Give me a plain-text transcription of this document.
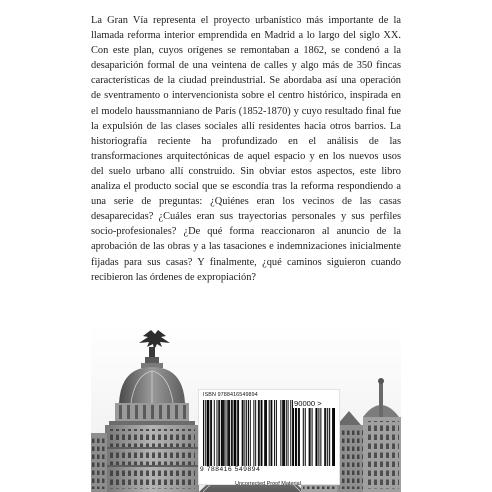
La Gran Vía representa el proyecto urbanístico más importante de la llamada reforma interior emprendida en Madrid a lo largo del siglo XX. Con este plan, cuyos orígenes se remontaban a 1862, se condenó a la desaparición formal de una veintena de calles y algo más de 350 fincas características de la ciudad preindustrial. Se abordaba así una operación de sventramento o intervencionista sobre el centro histórico, inspirada en el modelo haussmanniano de París (1852-1870) y cuyo resultado final fue la expulsión de las clases sociales allí residentes hacia otros barrios. La historiografía reciente ha profundizado en el análisis de las transformaciones arquitectónicas de aquel espacio y en los nuevos usos del suelo urbano allí construido. Sin obviar estos aspectos, este libro analiza el producto social que se escondía tras la reforma respondiendo a una serie de preguntas: ¿Quiénes eran los vecinos de las casas desaparecidas? ¿Cuáles eran sus trayectorias personales y sus perfiles socio-profesionales? ¿De qué forma reaccionaron al anuncio de la aprobación de las obras y a las tasaciones e indemnizaciones inicialmente fijadas para sus casas? Y finalmente, ¿qué caminos siguieron cuando recibieron las órdenes de expropiación?

ISBN 9788416549894
90000 >
9 788416 549894
Uncorrected Proof Material
